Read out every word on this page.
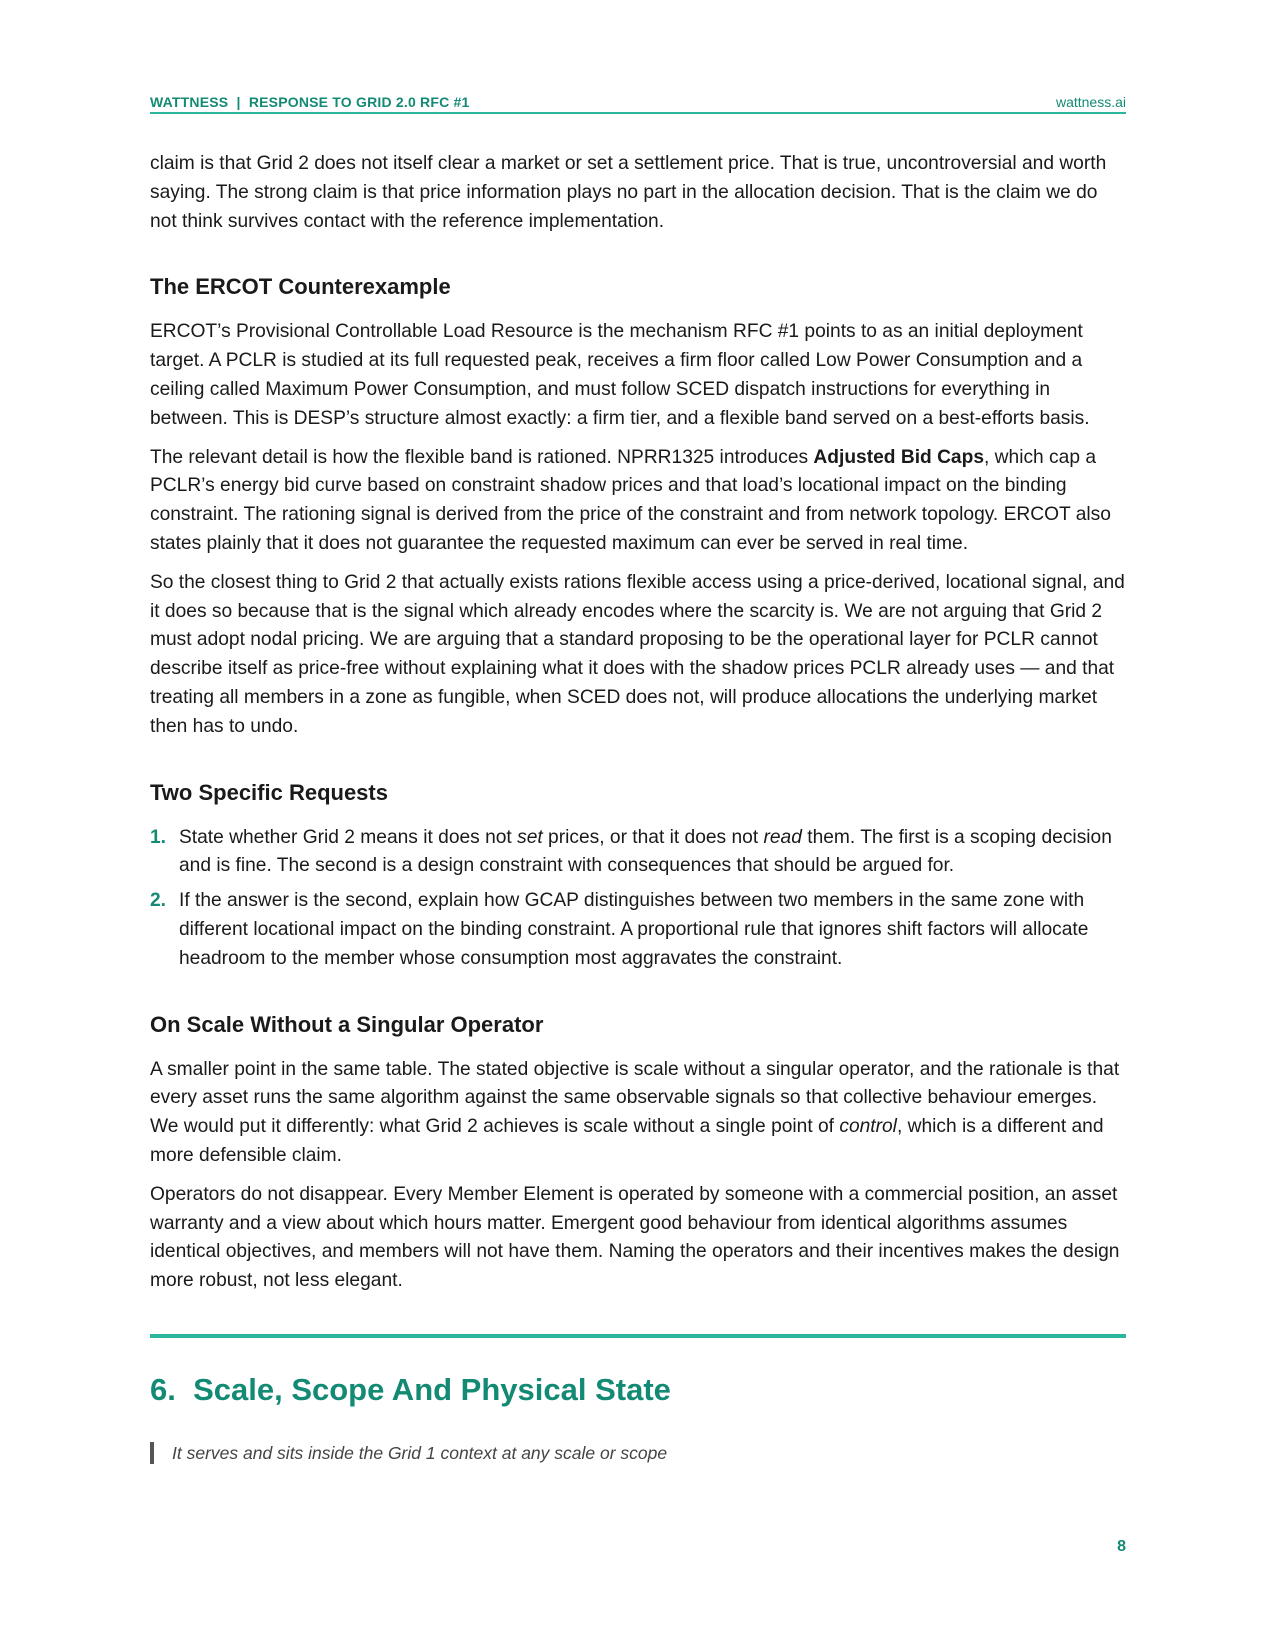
WATTNESS  |  RESPONSE TO GRID 2.0 RFC #1	wattness.ai

claim is that Grid 2 does not itself clear a market or set a settlement price. That is true, uncontroversial and worth saying. The strong claim is that price information plays no part in the allocation decision. That is the claim we do not think survives contact with the reference implementation.

The ERCOT Counterexample

ERCOT’s Provisional Controllable Load Resource is the mechanism RFC #1 points to as an initial deployment target. A PCLR is studied at its full requested peak, receives a firm floor called Low Power Consumption and a ceiling called Maximum Power Consumption, and must follow SCED dispatch instructions for everything in between. This is DESP’s structure almost exactly: a firm tier, and a flexible band served on a best-efforts basis.

The relevant detail is how the flexible band is rationed. NPRR1325 introduces Adjusted Bid Caps, which cap a PCLR’s energy bid curve based on constraint shadow prices and that load’s locational impact on the binding constraint. The rationing signal is derived from the price of the constraint and from network topology. ERCOT also states plainly that it does not guarantee the requested maximum can ever be served in real time.

So the closest thing to Grid 2 that actually exists rations flexible access using a price-derived, locational signal, and it does so because that is the signal which already encodes where the scarcity is. We are not arguing that Grid 2 must adopt nodal pricing. We are arguing that a standard proposing to be the operational layer for PCLR cannot describe itself as price-free without explaining what it does with the shadow prices PCLR already uses — and that treating all members in a zone as fungible, when SCED does not, will produce allocations the underlying market then has to undo.

Two Specific Requests
1. State whether Grid 2 means it does not set prices, or that it does not read them. The first is a scoping decision and is fine. The second is a design constraint with consequences that should be argued for.
2. If the answer is the second, explain how GCAP distinguishes between two members in the same zone with different locational impact on the binding constraint. A proportional rule that ignores shift factors will allocate headroom to the member whose consumption most aggravates the constraint.
On Scale Without a Singular Operator

A smaller point in the same table. The stated objective is scale without a singular operator, and the rationale is that every asset runs the same algorithm against the same observable signals so that collective behaviour emerges. We would put it differently: what Grid 2 achieves is scale without a single point of control, which is a different and more defensible claim.

Operators do not disappear. Every Member Element is operated by someone with a commercial position, an asset warranty and a view about which hours matter. Emergent good behaviour from identical algorithms assumes identical objectives, and members will not have them. Naming the operators and their incentives makes the design more robust, not less elegant.

6.  Scale, Scope And Physical State
It serves and sits inside the Grid 1 context at any scale or scope
8
